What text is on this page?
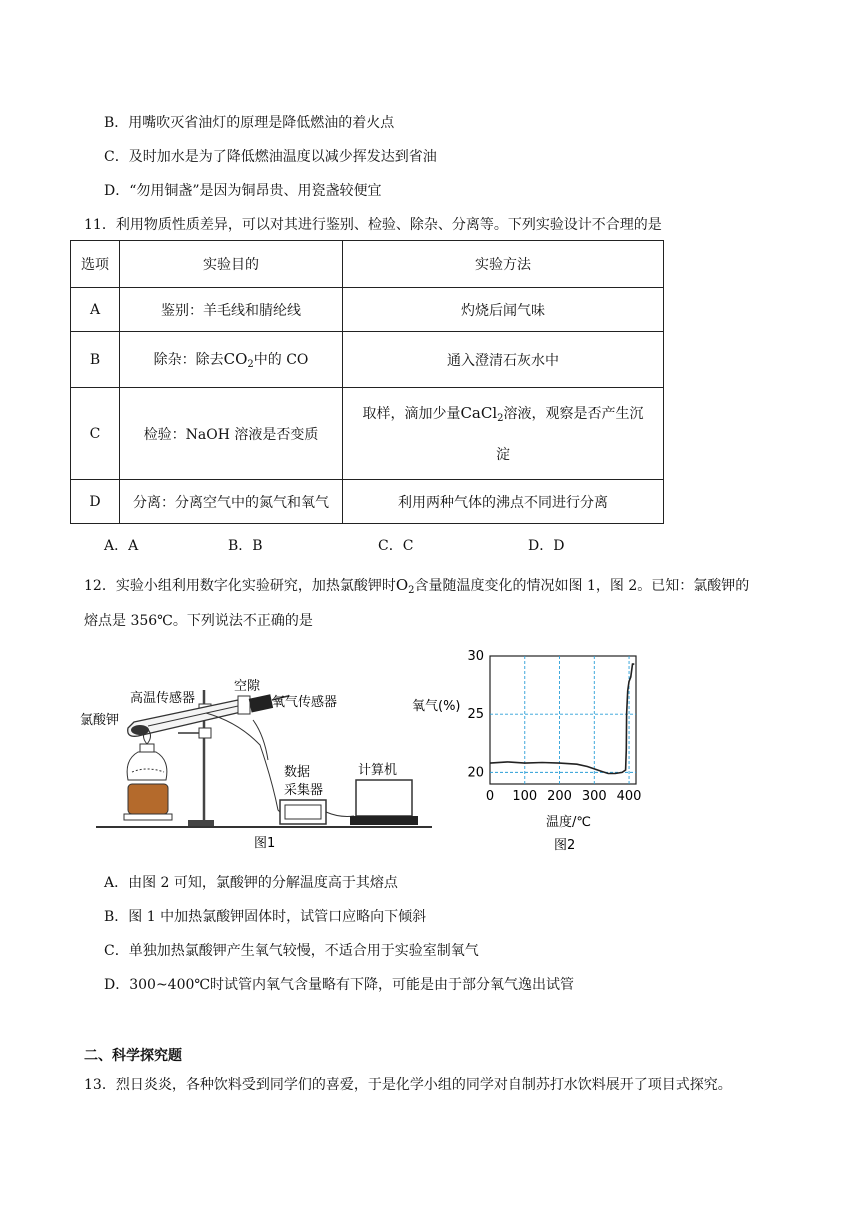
B．用嘴吹灭省油灯的原理是降低燃油的着火点
C．及时加水是为了降低燃油温度以减少挥发达到省油
D．“勿用铜盏”是因为铜昂贵、用瓷盏较便宜
11．利用物质性质差异，可以对其进行鉴别、检验、除杂、分离等。下列实验设计不合理的是
选项	实验目的	实验方法
A	鉴别：羊毛线和腈纶线	灼烧后闻气味
B	除杂：除去$CO_2$中的 CO	通入澄清石灰水中
C	检验：NaOH 溶液是否变质	取样，滴加少量CaCl$_2$溶液，观察是否产生沉
淀

D	分离：分离空气中的氮气和氧气	利用两种气体的沸点不同进行分离
A．A	B．B	C．C	D．D
12．实验小组利用数字化实验研究，加热氯酸钾时$O_2$含量随温度变化的情况如图 1，图 2。已知：氯酸钾的
熔点是 356℃。下列说法不正确的是
高温传感器
空隙
氧气传感器
氯酸钾
数据
采集器
计算机
图1
0 100 200 300 400
20
25
30
氧气(%)
温度/℃
图2
A．由图 2 可知，氯酸钾的分解温度高于其熔点
B．图 1 中加热氯酸钾固体时，试管口应略向下倾斜
C．单独加热氯酸钾产生氧气较慢，不适合用于实验室制氧气
D．300~400℃时试管内氧气含量略有下降，可能是由于部分氧气逸出试管
二、科学探究题
13．烈日炎炎，各种饮料受到同学们的喜爱，于是化学小组的同学对自制苏打水饮料展开了项目式探究。
